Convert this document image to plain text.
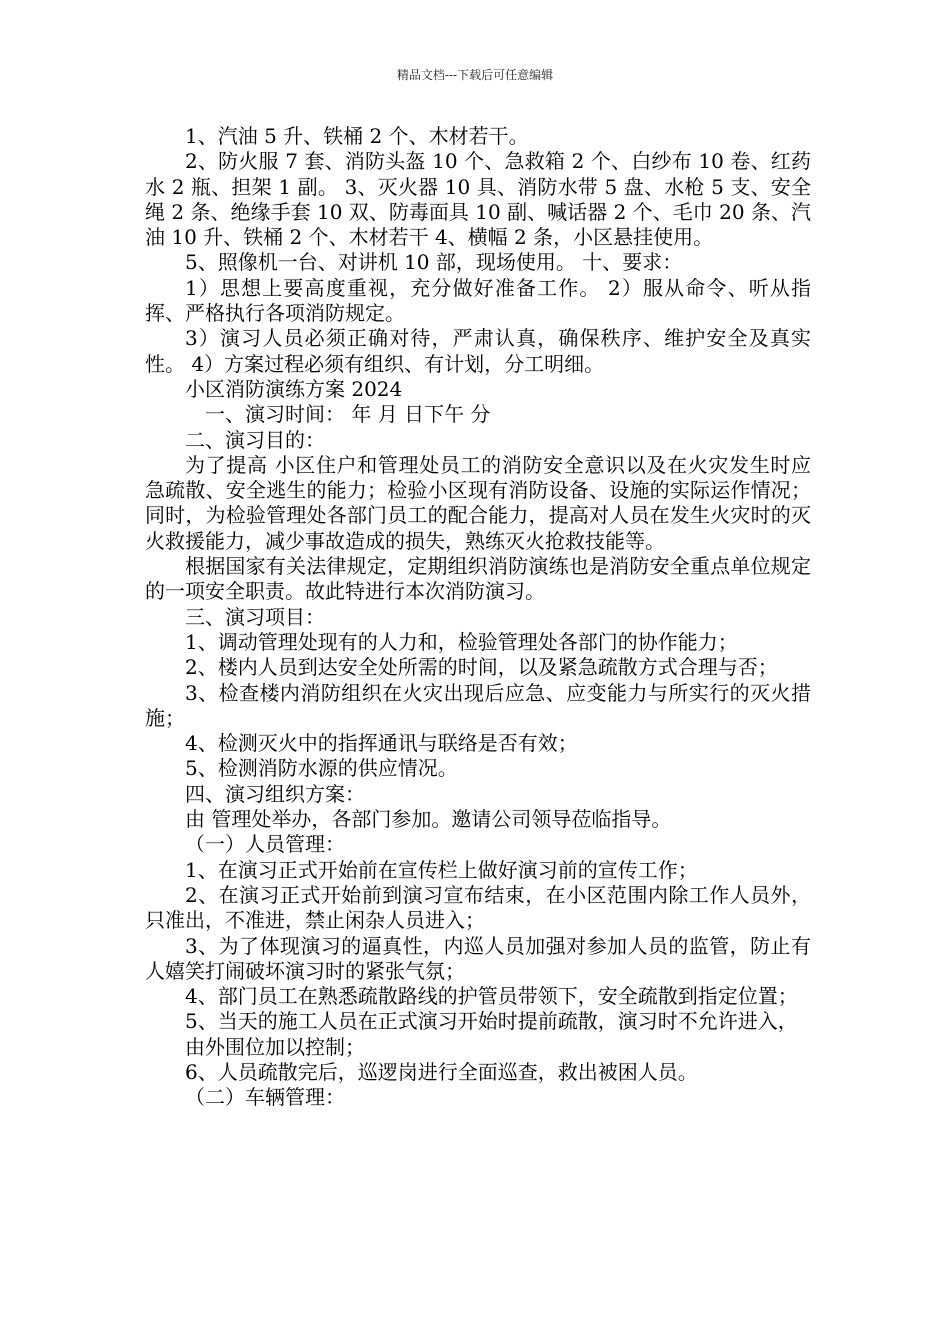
精品文档---下载后可任意编辑

1、汽油 5 升、铁桶 2 个、木材若干。

2、防火服 7 套、消防头盔 10 个、急救箱 2 个、白纱布 10 卷、红药水 2 瓶、担架 1 副。 3、灭火器 10 具、消防水带 5 盘、水枪 5 支、安全绳 2 条、绝缘手套 10 双、防毒面具 10 副、喊话器 2 个、毛巾 20 条、汽油 10 升、铁桶 2 个、木材若干 4、横幅 2 条，小区悬挂使用。

5、照像机一台、对讲机 10 部，现场使用。 十、要求：

1）思想上要高度重视，充分做好准备工作。 2）服从命令、听从指挥、严格执行各项消防规定。

3）演习人员必须正确对待，严肃认真，确保秩序、维护安全及真实性。 4）方案过程必须有组织、有计划，分工明细。

小区消防演练方案 2024

一、演习时间： 年 月 日下午 分

二、演习目的：

为了提高 小区住户和管理处员工的消防安全意识以及在火灾发生时应急疏散、安全逃生的能力；检验小区现有消防设备、设施的实际运作情况；同时，为检验管理处各部门员工的配合能力，提高对人员在发生火灾时的灭火救援能力，减少事故造成的损失，熟练灭火抢救技能等。

根据国家有关法律规定，定期组织消防演练也是消防安全重点单位规定的一项安全职责。故此特进行本次消防演习。

三、演习项目：

1、调动管理处现有的人力和，检验管理处各部门的协作能力；

2、楼内人员到达安全处所需的时间，以及紧急疏散方式合理与否；

3、检查楼内消防组织在火灾出现后应急、应变能力与所实行的灭火措施；

4、检测灭火中的指挥通讯与联络是否有效；

5、检测消防水源的供应情况。

四、演习组织方案：

由 管理处举办，各部门参加。邀请公司领导莅临指导。

（一）人员管理：

1、在演习正式开始前在宣传栏上做好演习前的宣传工作；

2、在演习正式开始前到演习宣布结束，在小区范围内除工作人员外，只准出，不准进，禁止闲杂人员进入；

3、为了体现演习的逼真性，内巡人员加强对参加人员的监管，防止有人嬉笑打闹破坏演习时的紧张气氛；

4、部门员工在熟悉疏散路线的护管员带领下，安全疏散到指定位置；

5、当天的施工人员在正式演习开始时提前疏散，演习时不允许进入，

由外围位加以控制；

6、人员疏散完后，巡逻岗进行全面巡查，救出被困人员。

（二）车辆管理：
